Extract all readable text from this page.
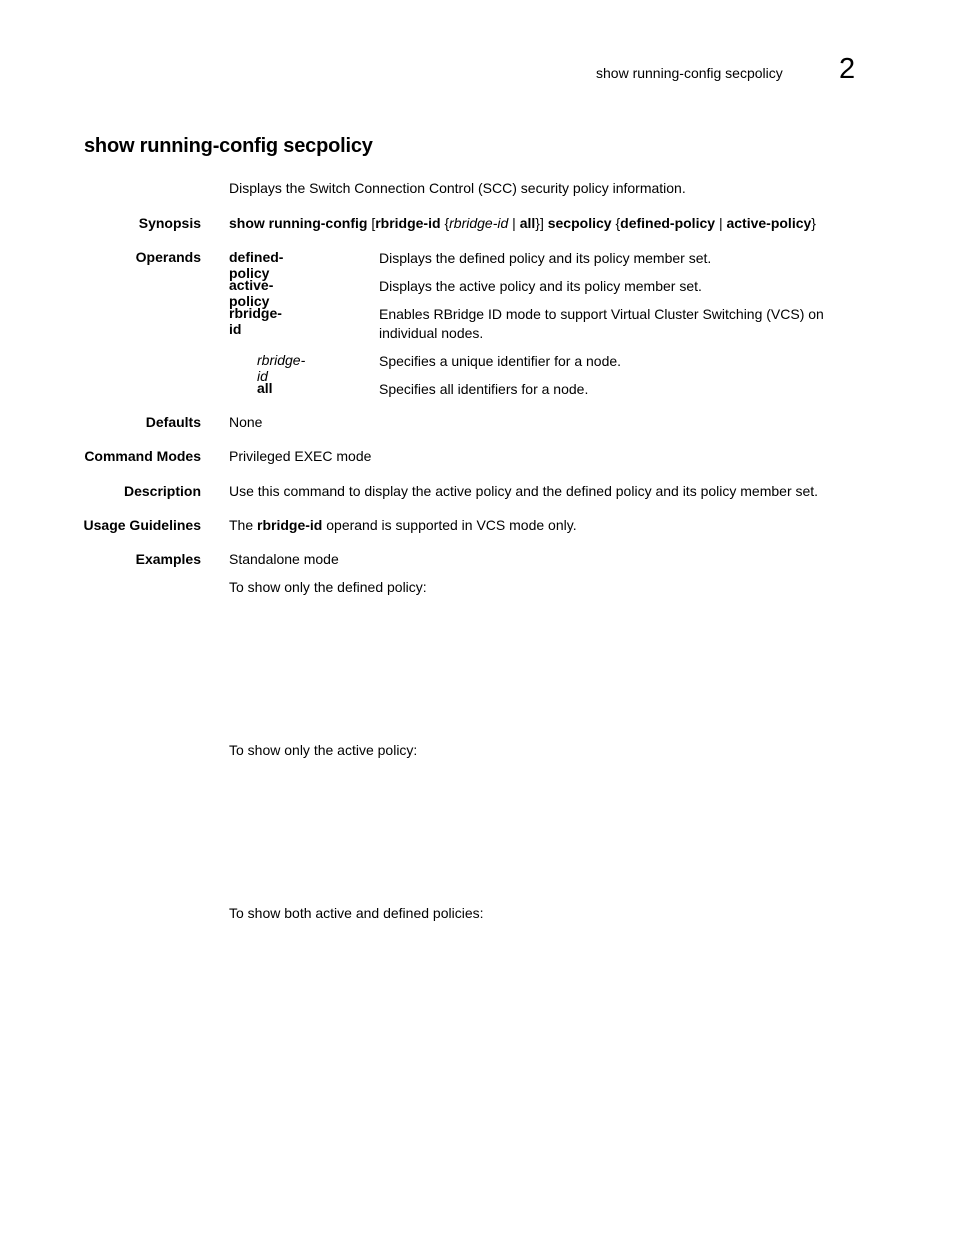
show running-config secpolicy 2
show running-config secpolicy
Displays the Switch Connection Control (SCC) security policy information.
Synopsis show running-config [rbridge-id {rbridge-id | all}] secpolicy {defined-policy | active-policy}
Operands defined-policy
Displays the defined policy and its policy member set.
active-policy
Displays the active policy and its policy member set.
rbridge-id
Enables RBridge ID mode to support Virtual Cluster Switching (VCS) on individual nodes.
rbridge-id
Specifies a unique identifier for a node.
all	Specifies all identifiers for a node.
Defaults None
Command Modes Privileged EXEC mode
Description Use this command to display the active policy and the defined policy and its policy member set.
Usage Guidelines The rbridge-id operand is supported in VCS mode only.
Examples Standalone mode
To show only the defined policy:
To show only the active policy:
To show both active and defined policies:
